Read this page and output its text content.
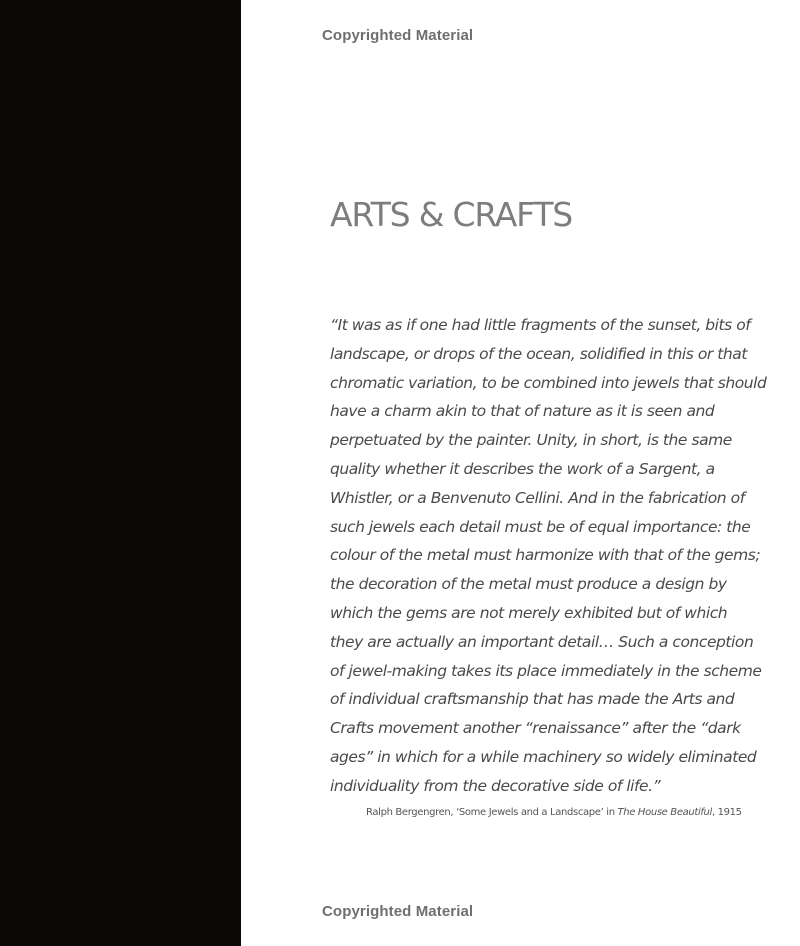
Copyrighted Material
ARTS & CRAFTS

“It was as if one had little fragments of the sunset, bits of
landscape, or drops of the ocean, solidified in this or that
chromatic variation, to be combined into jewels that should
have a charm akin to that of nature as it is seen and
perpetuated by the painter. Unity, in short, is the same
quality whether it describes the work of a Sargent, a
Whistler, or a Benvenuto Cellini. And in the fabrication of
such jewels each detail must be of equal importance: the
colour of the metal must harmonize with that of the gems;
the decoration of the metal must produce a design by
which the gems are not merely exhibited but of which
they are actually an important detail… Such a conception
of jewel-making takes its place immediately in the scheme
of individual craftsmanship that has made the Arts and
Crafts movement another “renaissance” after the “dark
ages” in which for a while machinery so widely eliminated
individuality from the decorative side of life.”

Ralph Bergengren, ‘Some Jewels and a Landscape’ in The House Beautiful, 1915

Copyrighted Material
